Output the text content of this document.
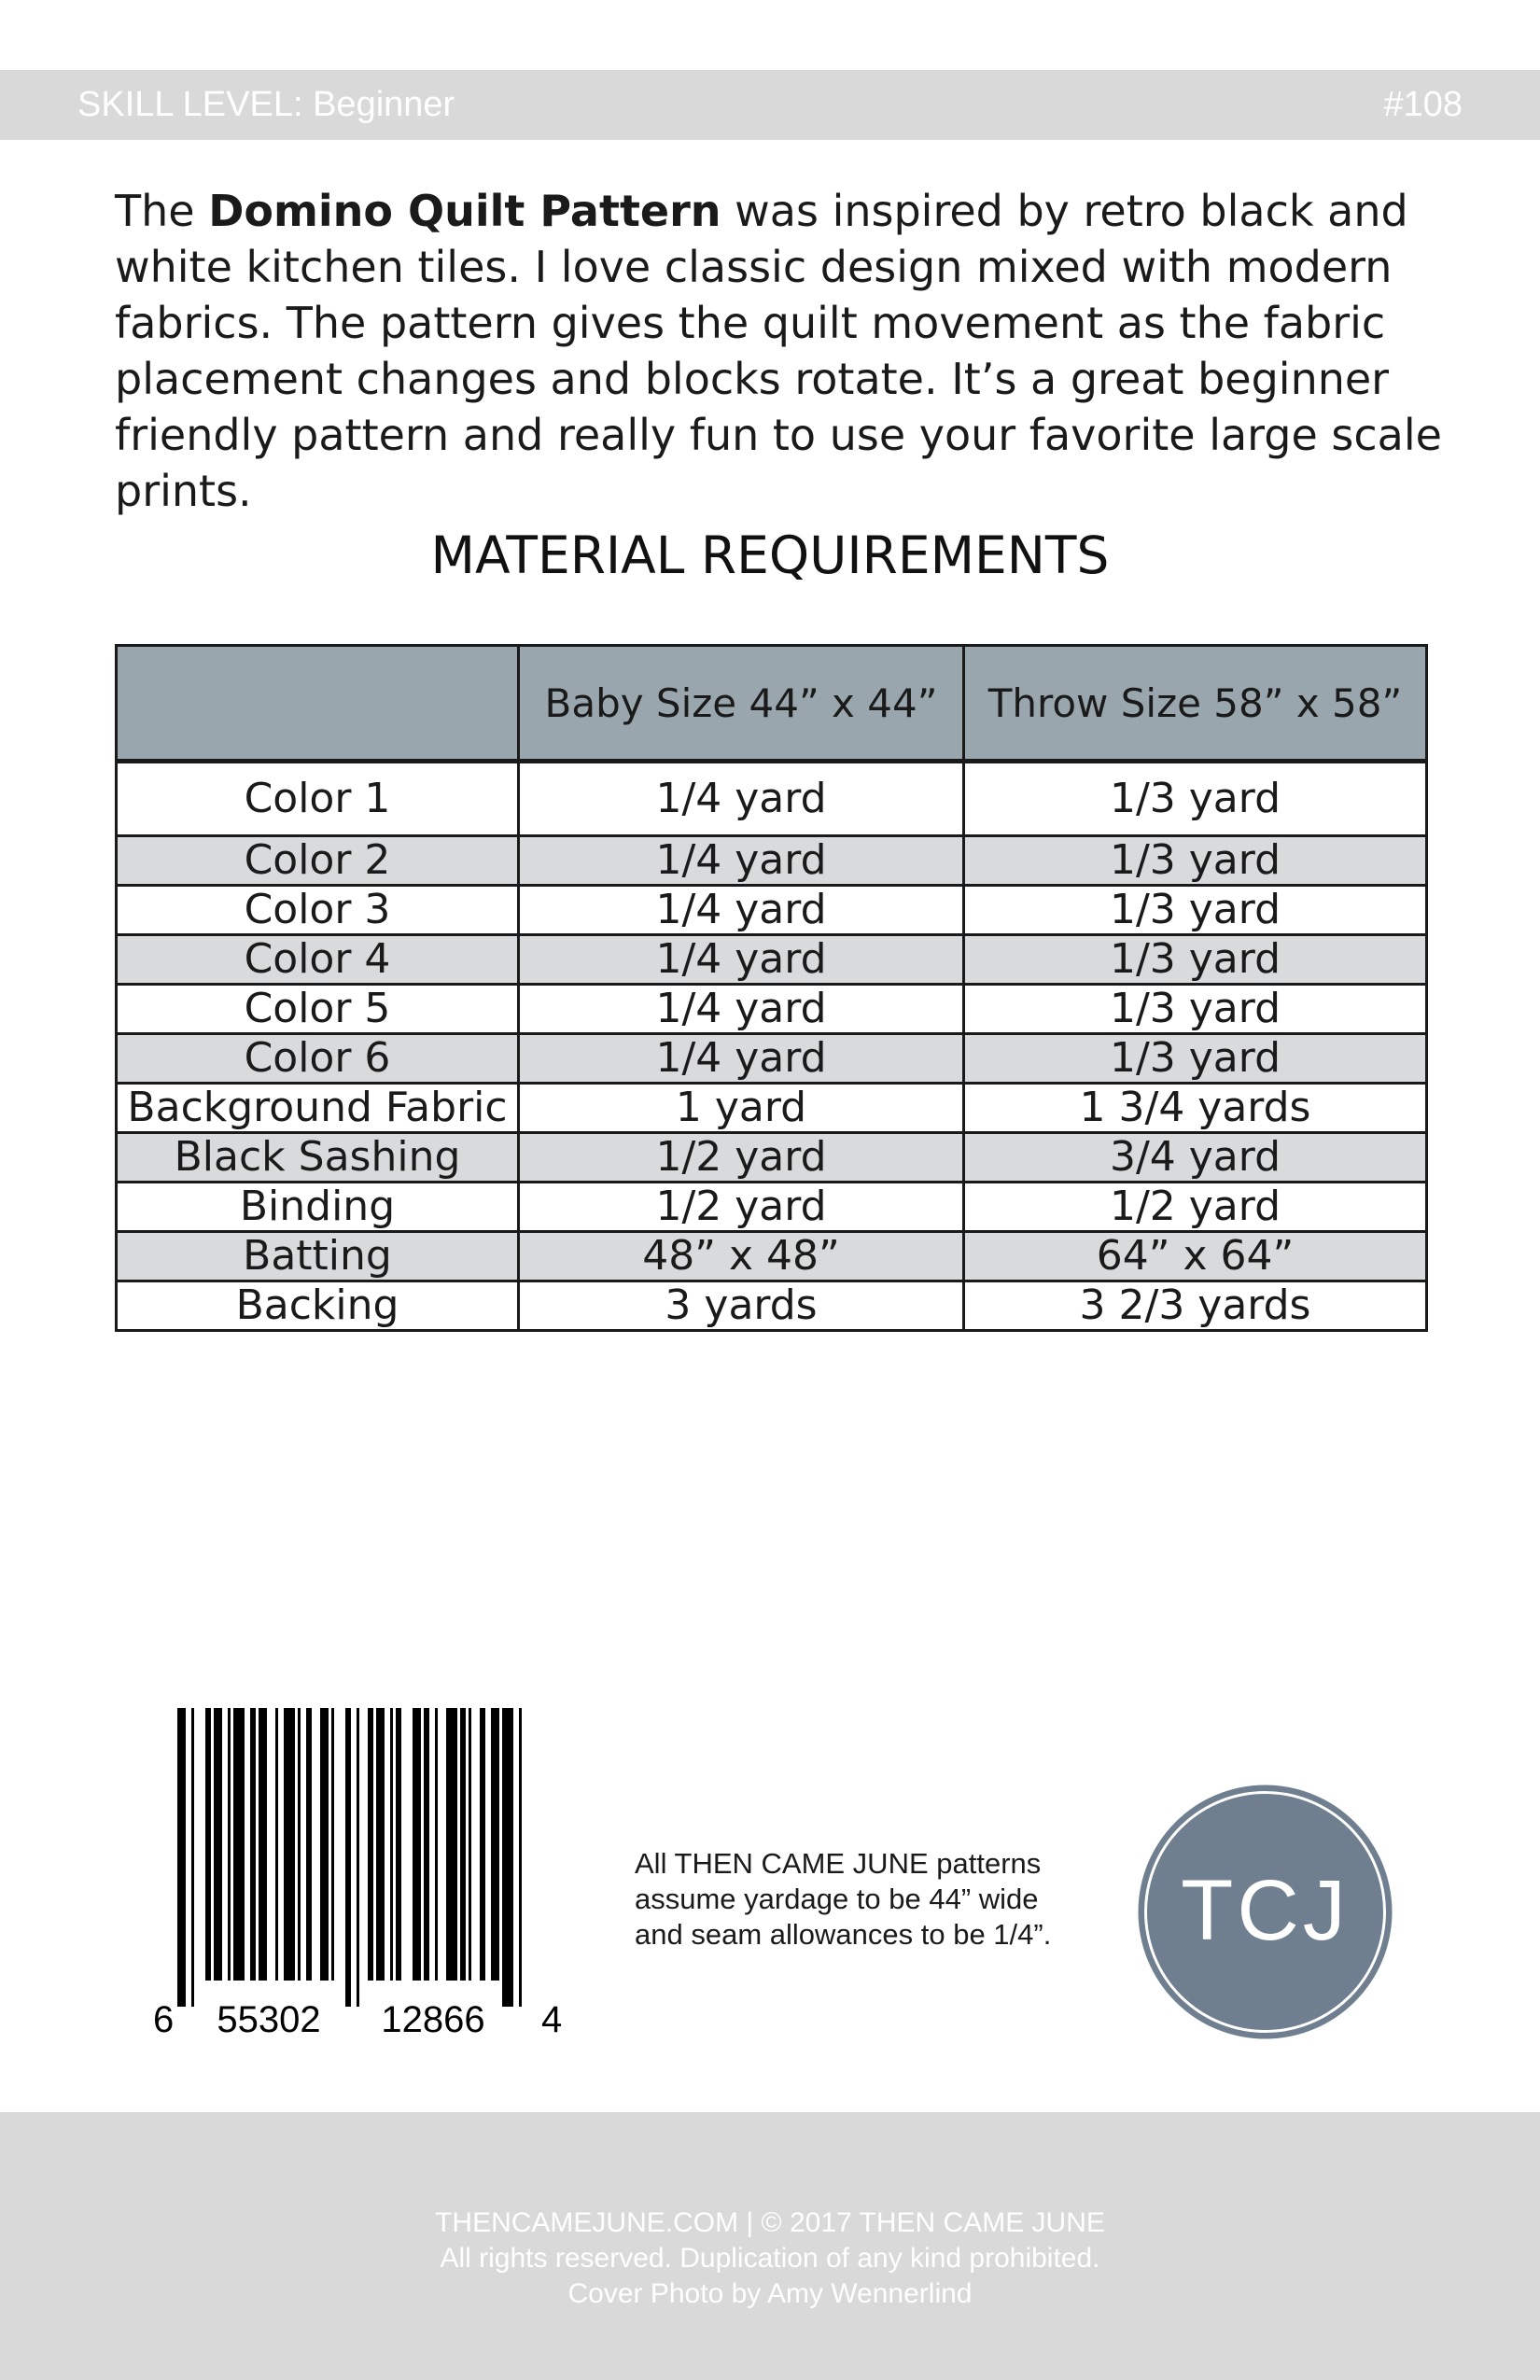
SKILL LEVEL: Beginner	#108

The Domino Quilt Pattern was inspired by retro black and white kitchen tiles. I love classic design mixed with modern fabrics. The pattern gives the quilt movement as the fabric placement changes and blocks rotate. It’s a great beginner friendly pattern and really fun to use your favorite large scale prints.

MATERIAL REQUIREMENTS
	Baby Size 44” x 44”	Throw Size 58” x 58”
Color 1	1/4 yard	1/3 yard
Color 2	1/4 yard	1/3 yard
Color 3	1/4 yard	1/3 yard
Color 4	1/4 yard	1/3 yard
Color 5	1/4 yard	1/3 yard
Color 6	1/4 yard	1/3 yard
Background Fabric	1 yard	1 3/4 yards
Black Sashing	1/2 yard	3/4 yard
Binding	1/2 yard	1/2 yard
Batting	48” x 48”	64” x 64”
Backing	3 yards	3 2/3 yards
6 55302 12866 4
All THEN CAME JUNE patterns
assume yardage to be 44” wide
and seam allowances to be 1/4”.	TCJ
THENCAMEJUNE.COM | © 2017 THEN CAME JUNE
All rights reserved. Duplication of any kind prohibited.
Cover Photo by Amy Wennerlind
